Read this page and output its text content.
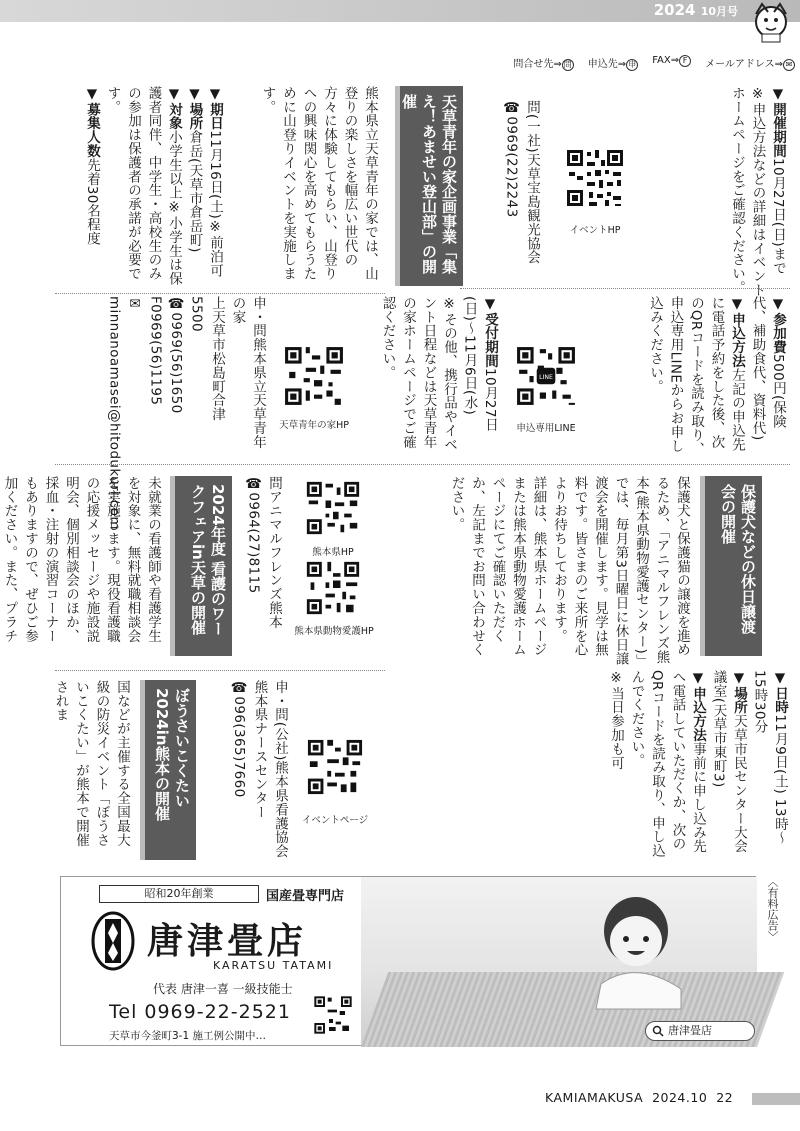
2024 10月号
問合せ先⇒ 問 申込先⇒ 申 FAX⇒ F	メールアドレス⇒ ✉
▼開催期間10月27日(日)まで
※申込方法などの詳細はイベントホームページをご確認ください。
イベントHP
問(一社)天草宝島観光協会
☎0969(22)2243
天草青年の家企画事業「集え！あませい登山部」の開催
熊本県立天草青年の家では、山登りの楽しさを幅広い世代の方々に体験してもらい、山登りへの興味関心を高めてもらうために山登りイベントを実施します。
▼期日11月16日(土)※前泊可
▼場所倉岳(天草市倉岳町)
▼対象小学生以上※小学生は保護者同伴、中学生・高校生のみの参加は保護者の承諾が必要です。
▼募集人数先着30名程度
▼参加費500円(保険代、補助食代、資料代)
▼申込方法左記の申込先に電話予約をした後、次のQRコードを読み取り、申込専用LINEからお申し込みください。
LINE
申込専用LINE
▼受付期間10月27日(日)〜11月6日(水)
※その他、携行品やイベント日程などは天草青年の家ホームページでご確認ください。
天草青年の家HP
申・問熊本県立天草青年の家
上天草市松島町合津5500
☎0969(56)1650
F0969(56)1195
✉minnanoamasei@hitodukuri.com
保護犬などの休日譲渡会の開催
保護犬と保護猫の譲渡を進めるため、「アニマルフレンズ熊本(熊本県動物愛護センター)」では、毎月第3日曜日に休日譲渡会を開催します。見学は無料です。皆さまのご来所を心よりお待ちしております。
詳細は、熊本県ホームページまたは熊本県動物愛護ホームページにてご確認いただくか、左記までお問い合わせください。
熊本県HP
熊本県動物愛護HP
問アニマルフレンズ熊本
☎0964(27)8115
2024年度 看護のワークフェアin天草の開催
未就業の看護師や看護学生を対象に、無料就職相談会を実施します。現役看護職の応援メッセージや施設説明会、個別相談会のほか、採血・注射の演習コーナーもありますので、ぜひご参加ください。また、プラチ
▼日時11月9日(土) 13時〜15時30分
▼場所天草市民センター大会議室(天草市東町3)
▼申込方法事前に申し込み先へ電話していただくか、次のQRコードを読み取り、申し込んでください。
※当日参加も可
イベントページ
申・問(公社)熊本県看護協会熊本県ナースセンター
☎096(365)7660
ぼうさいこくたい2024in熊本の開催
国などが主催する全国最大級の防災イベント「ぼうさいこくたい」が熊本で開催されま
〈有料広告〉
昭和20年創業	国産畳専門店
唐津畳店
KARATSU TATAMI
代表 唐津一喜 一級技能士
Tel 0969-22-2521
天草市今釜町3-1 施工例公開中…	唐津畳店
KAMIAMAKUSA 2024.10 22
